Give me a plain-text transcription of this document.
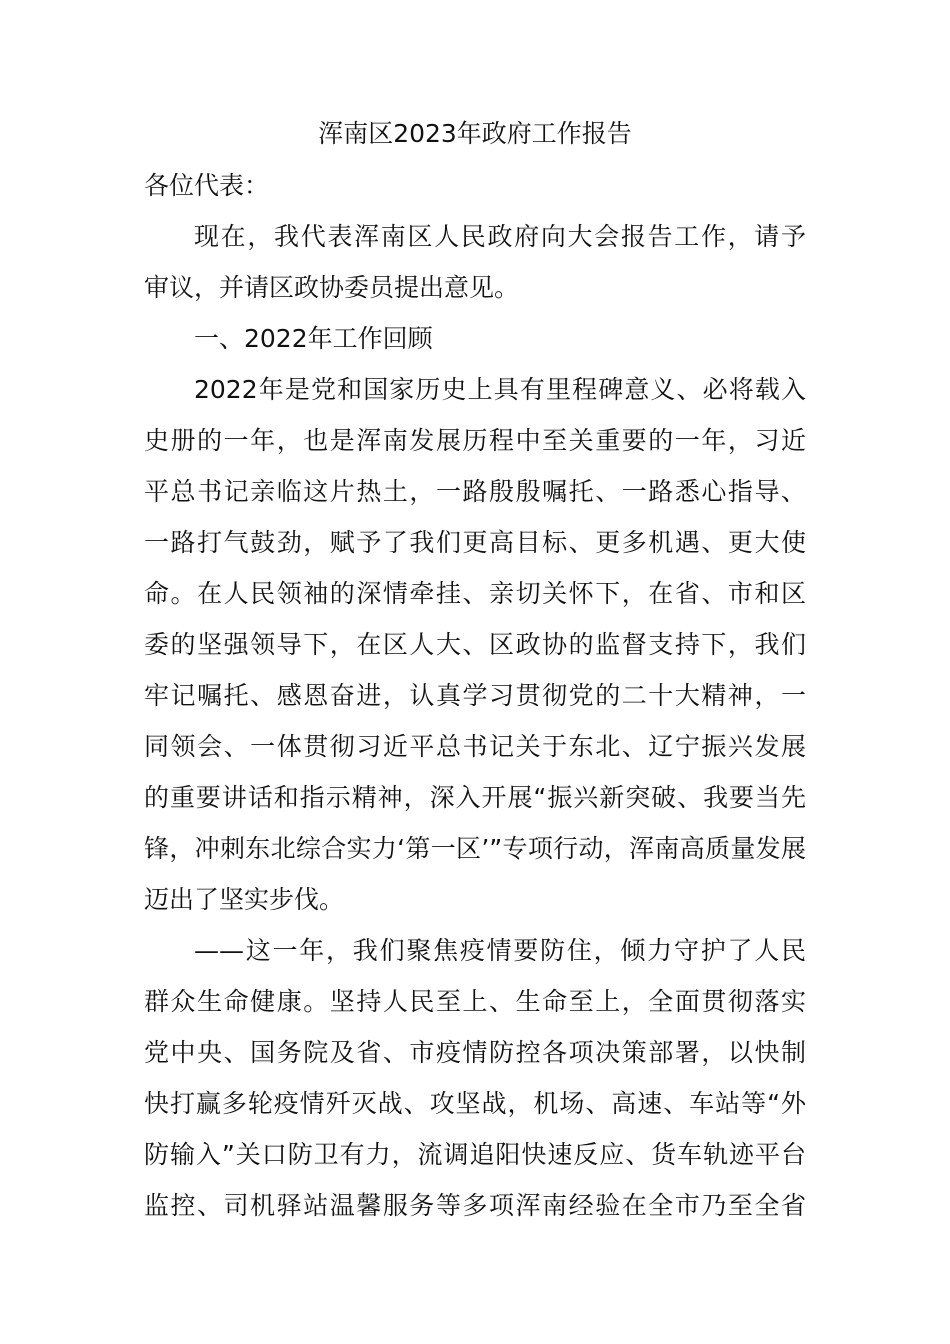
浑南区2023年政府工作报告
各位代表：
现在，我代表浑南区人民政府向大会报告工作，请予
审议，并请区政协委员提出意见。
一、2022年工作回顾
2022年是党和国家历史上具有里程碑意义、必将载入
史册的一年，也是浑南发展历程中至关重要的一年，习近
平总书记亲临这片热土，一路殷殷嘱托、一路悉心指导、
一路打气鼓劲，赋予了我们更高目标、更多机遇、更大使
命。在人民领袖的深情牵挂、亲切关怀下，在省、市和区
委的坚强领导下，在区人大、区政协的监督支持下，我们
牢记嘱托、感恩奋进，认真学习贯彻党的二十大精神，一
同领会、一体贯彻习近平总书记关于东北、辽宁振兴发展
的重要讲话和指示精神，深入开展“振兴新突破、我要当先
锋，冲刺东北综合实力‘第一区’”专项行动，浑南高质量发展
迈出了坚实步伐。
——这一年，我们聚焦疫情要防住，倾力守护了人民
群众生命健康。坚持人民至上、生命至上，全面贯彻落实
党中央、国务院及省、市疫情防控各项决策部署，以快制
快打赢多轮疫情歼灭战、攻坚战，机场、高速、车站等“外
防输入”关口防卫有力，流调追阳快速反应、货车轨迹平台
监控、司机驿站温馨服务等多项浑南经验在全市乃至全省
